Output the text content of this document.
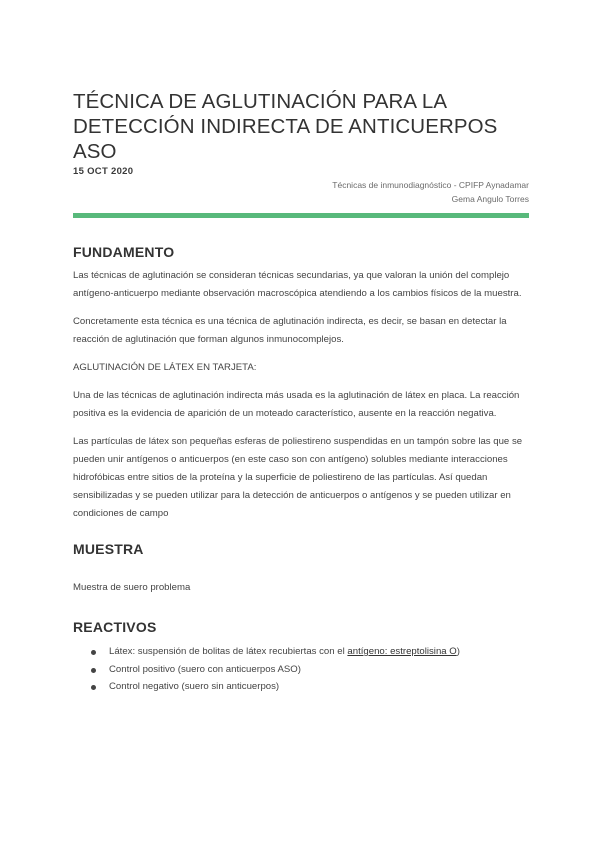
TÉCNICA DE AGLUTINACIÓN PARA LA
DETECCIÓN INDIRECTA DE ANTICUERPOS ASO
15 OCT 2020
Técnicas de inmunodiagnóstico - CPIFP Aynadamar
Gema Angulo Torres
FUNDAMENTO

Las técnicas de aglutinación se consideran técnicas secundarias, ya que valoran la unión del complejo antígeno-anticuerpo mediante observación macroscópica atendiendo a los cambios físicos de la muestra.

Concretamente esta técnica es una técnica de aglutinación indirecta, es decir, se basan en detectar la reacción de aglutinación que forman algunos inmunocomplejos.

AGLUTINACIÓN DE LÁTEX EN TARJETA:

Una de las técnicas de aglutinación indirecta más usada es la aglutinación de látex en placa. La reacción positiva es la evidencia de aparición de un moteado característico, ausente en la reacción negativa.

Las partículas de látex son pequeñas esferas de poliestireno suspendidas en un tampón sobre las que se pueden unir antígenos o anticuerpos (en este caso son con antígeno) solubles mediante interacciones hidrofóbicas entre sitios de la proteína y la superficie de poliestireno de las partículas. Así quedan sensibilizadas y se pueden utilizar para la detección de anticuerpos o antígenos y se pueden utilizar en condiciones de campo

MUESTRA

Muestra de suero problema

REACTIVOS
Látex: suspensión de bolitas de látex recubiertas con el antígeno: estreptolisina O)
Control positivo (suero con anticuerpos ASO)
Control negativo (suero sin anticuerpos)
